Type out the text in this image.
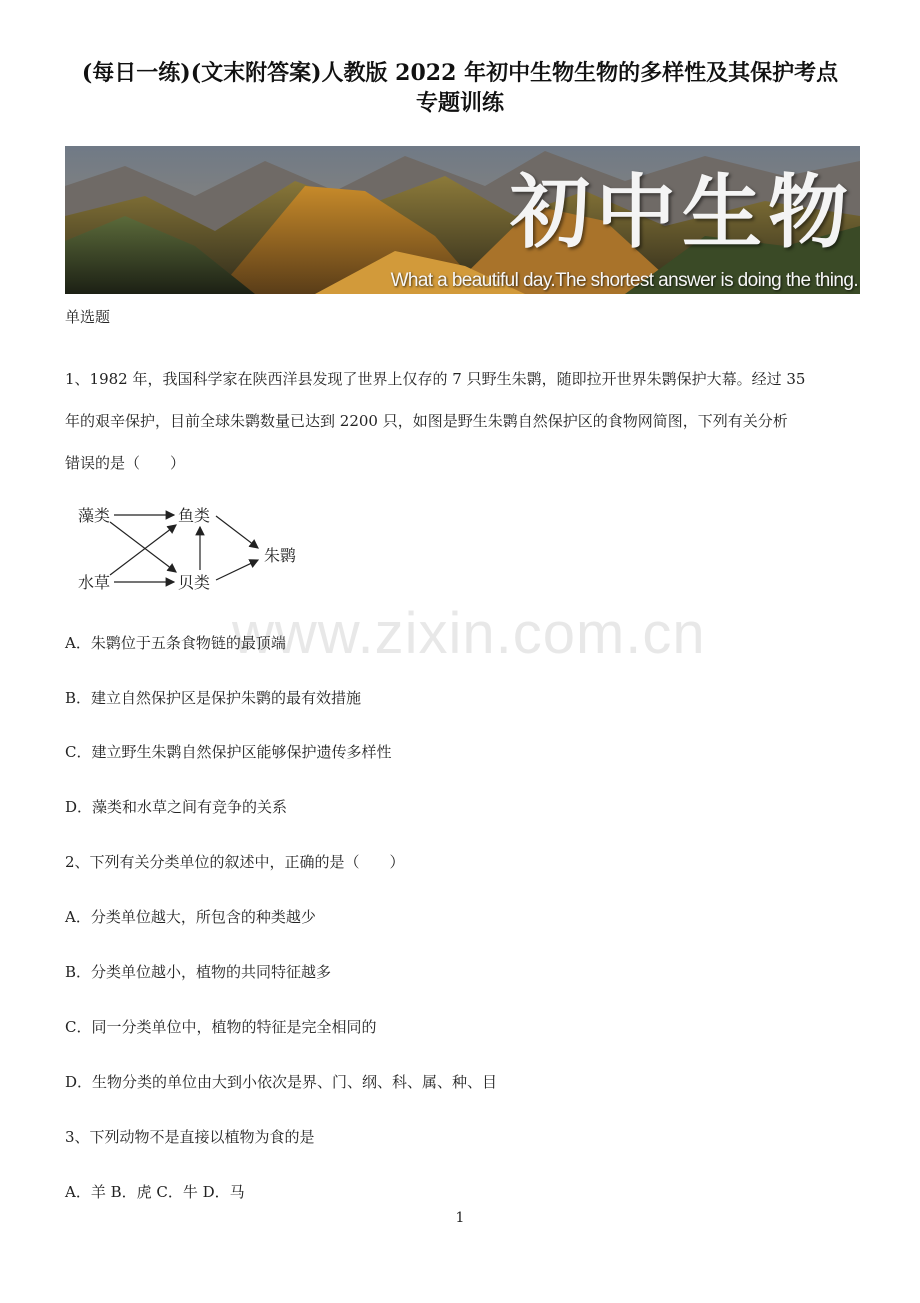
(每日一练)(文末附答案)人教版 2022 年初中生物生物的多样性及其保护考点
专题训练
初中生物
What a beautiful day.The shortest answer is doing the thing.
单选题
1、1982 年，我国科学家在陕西洋县发现了世界上仅存的 7 只野生朱鹮，随即拉开世界朱鹮保护大幕。经过 35
年的艰辛保护，目前全球朱鹮数量已达到 2200 只，如图是野生朱鹮自然保护区的食物网简图，下列有关分析
错误的是（　　）
藻类	鱼类
朱鹮
水草	贝类
www.zixin.com.cn
A．朱鹮位于五条食物链的最顶端
B．建立自然保护区是保护朱鹮的最有效措施
C．建立野生朱鹮自然保护区能够保护遗传多样性
D．藻类和水草之间有竞争的关系
2、下列有关分类单位的叙述中，正确的是（　　）
A．分类单位越大，所包含的种类越少
B．分类单位越小，植物的共同特征越多
C．同一分类单位中，植物的特征是完全相同的
D．生物分类的单位由大到小依次是界、门、纲、科、属、种、目
3、下列动物不是直接以植物为食的是
A．羊 B．虎 C．牛 D．马
1
